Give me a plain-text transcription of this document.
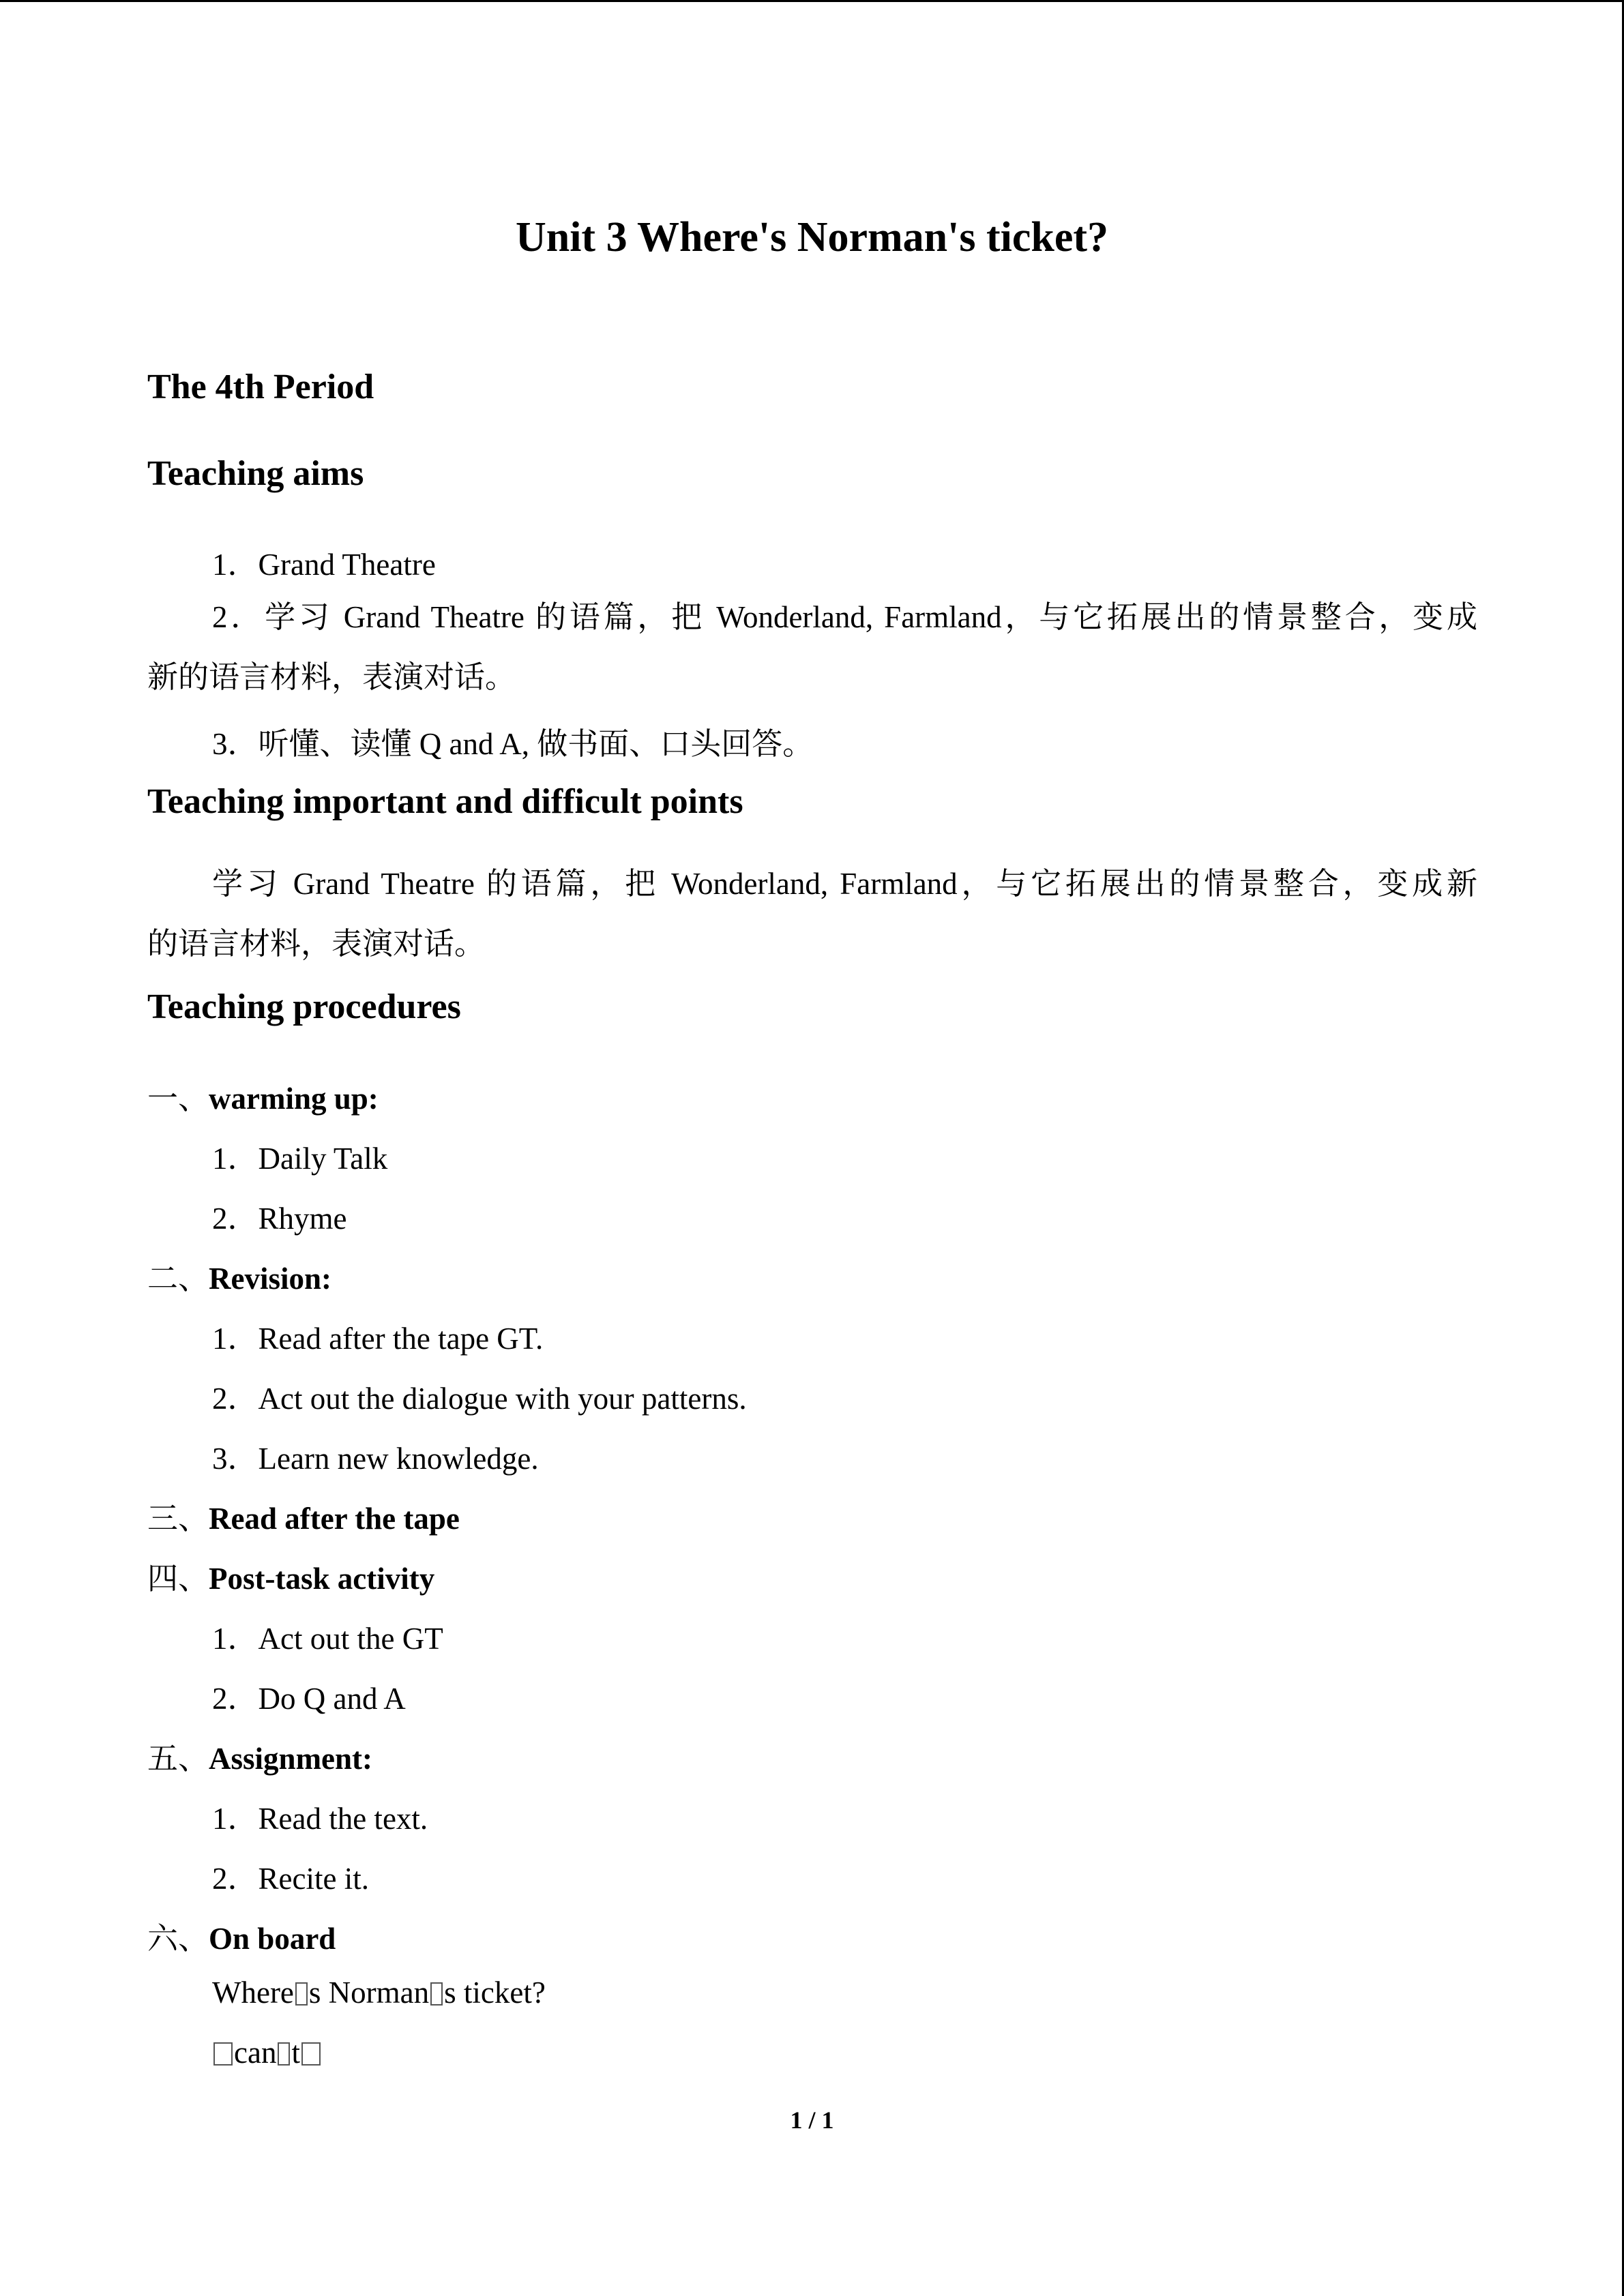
Unit 3 Where's Norman's ticket?
The 4th Period
Teaching aims
1．Grand Theatre
2．学习 Grand Theatre 的语篇，把 Wonderland, Farmland，与它拓展出的情景整合，变成
新的语言材料，表演对话。
3．听懂、读懂 Q and A, 做书面、口头回答。
Teaching important and difficult points
学习 Grand Theatre 的语篇，把 Wonderland, Farmland，与它拓展出的情景整合，变成新
的语言材料，表演对话。
Teaching procedures
一、warming up:
1．Daily Talk
2．Rhyme
二、Revision:
1．Read after the tape GT.
2．Act out the dialogue with your patterns.
3．Learn new knowledge.
三、Read after the tape
四、Post-task activity
1．Act out the GT
2．Do Q and A
五、Assignment:
1．Read the text.
2．Recite it.
六、On board
Where s Norman s ticket?
can t
1 / 1
